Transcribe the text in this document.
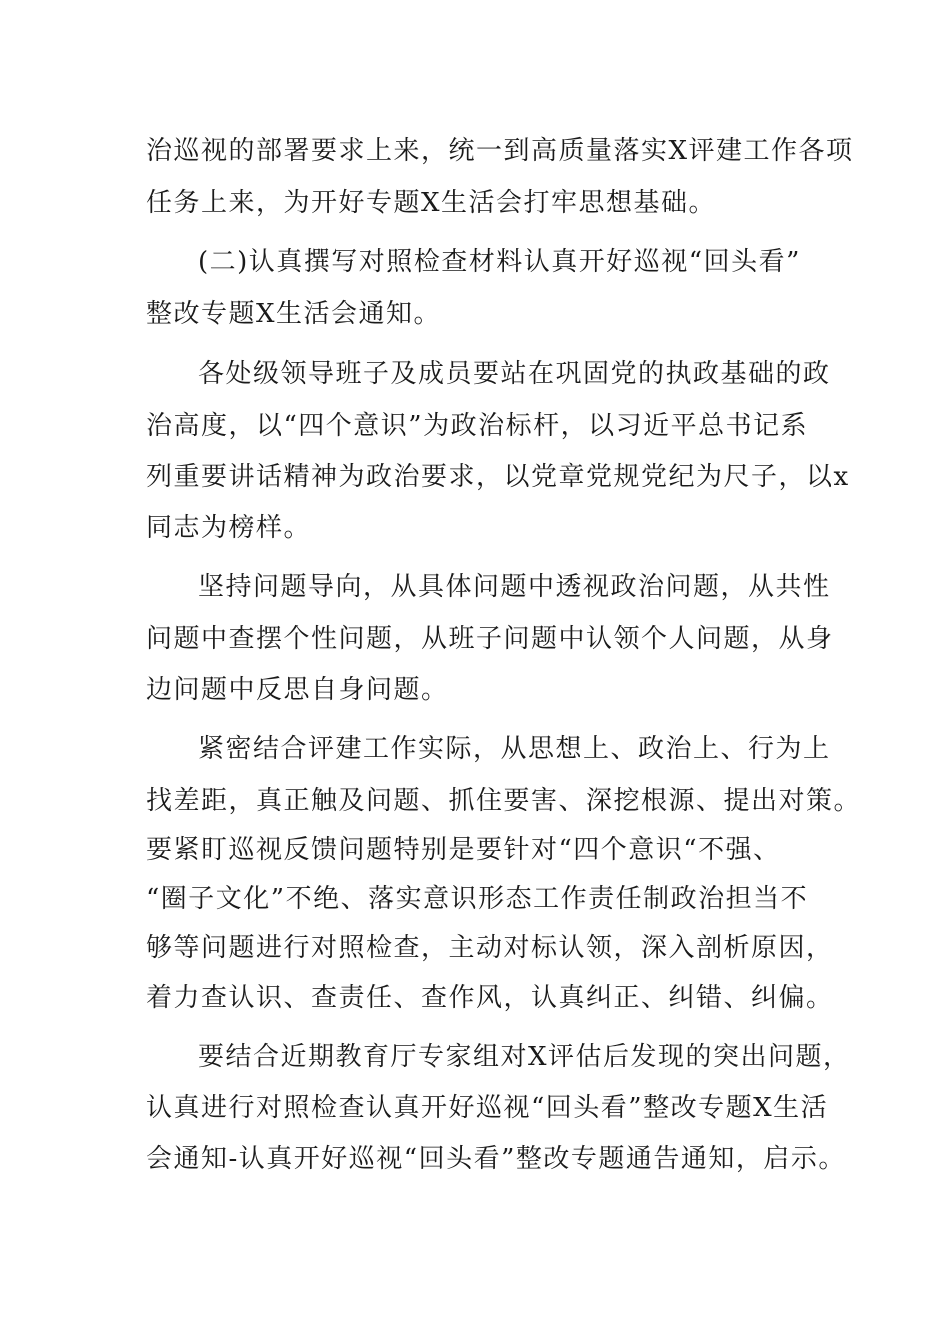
治巡视的部署要求上来，统一到高质量落实Ⅹ评建工作各项
任务上来，为开好专题Ⅹ生活会打牢思想基础。
(二)认真撰写对照检查材料认真开好巡视“回头看”
整改专题Ⅹ生活会通知。
各处级领导班子及成员要站在巩固党的执政基础的政
治高度，以“四个意识”为政治标杆，以习近平总书记系
列重要讲话精神为政治要求，以党章党规党纪为尺子，以x
同志为榜样。
坚持问题导向，从具体问题中透视政治问题，从共性
问题中查摆个性问题，从班子问题中认领个人问题，从身
边问题中反思自身问题。
紧密结合评建工作实际，从思想上、政治上、行为上
找差距，真正触及问题、抓住要害、深挖根源、提出对策。
要紧盯巡视反馈问题特别是要针对“四个意识“不强、
“圈子文化”不绝、落实意识形态工作责任制政治担当不
够等问题进行对照检查，主动对标认领，深入剖析原因，
着力查认识、查责任、查作风，认真纠正、纠错、纠偏。
要结合近期教育厅专家组对Ⅹ评估后发现的突出问题，
认真进行对照检查认真开好巡视“回头看”整改专题Ⅹ生活
会通知-认真开好巡视“回头看”整改专题通告通知，启示。
